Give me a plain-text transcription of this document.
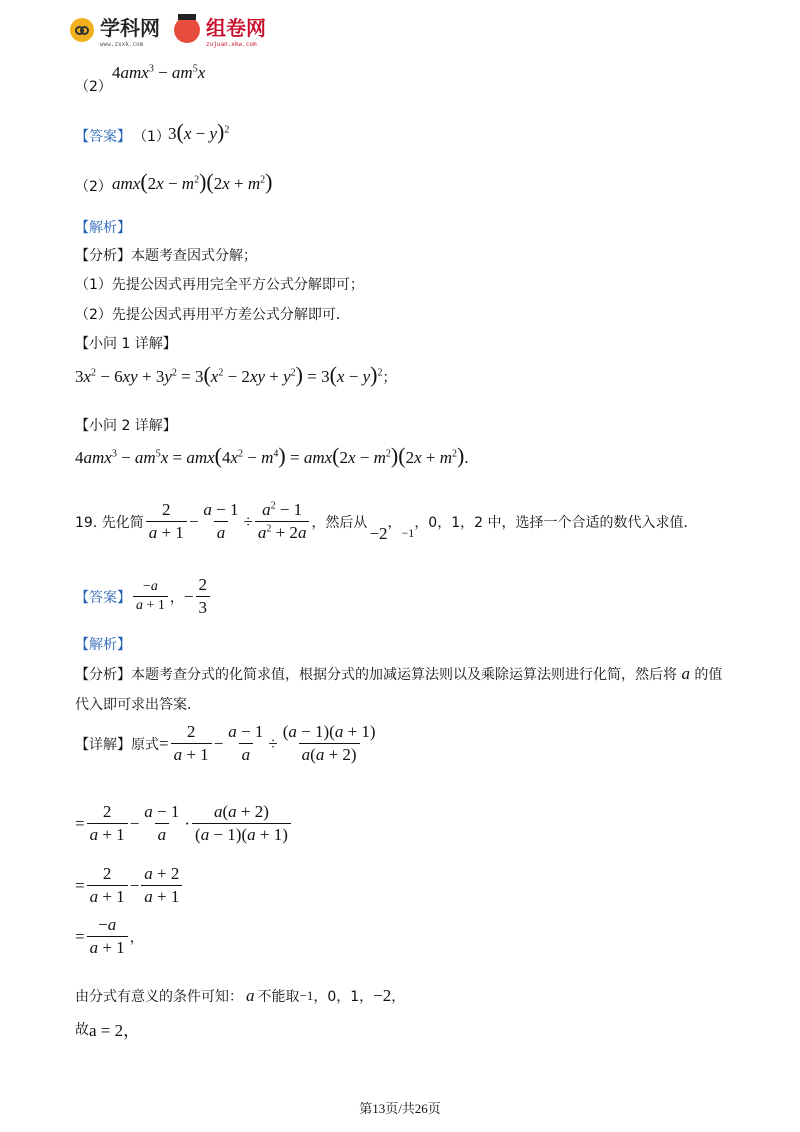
学科网
www.zxxk.com
组卷网
zujuan.xkw.com
（2）
$4amx^3 - am^5x$
【答案】 （1）
$3(x - y)^2$
（2） $amx(2x - m^2)(2x + m^2)$
【解析】
【分析】本题考查因式分解；
（1）先提公因式再用完全平方公式分解即可；
（2）先提公因式再用平方差公式分解即可．
【小问 1 详解】
$3x^2 - 6xy + 3y^2 = 3(x^2 - 2xy + y^2) = 3(x - y)^2$；
【小问 2 详解】
$4amx^3 - am^5x = amx(4x^2 - m^4) = amx(2x - m^2)(2x + m^2)$.
19. 先化简 $\frac{2}{a + 1} - \frac{a - 1}{a} \div \frac{a^2 - 1}{a^2 + 2a}$ ，然后从
−2
，
−1
，0，1，2 中，选择一个合适的数代入求值．
【答案】 $\frac{-a}{a + 1}$ ， − $\frac{2}{3}$
【解析】
【分析】本题考查分式的化简求值，根据分式的加减运算法则以及乘除运算法则进行化简，然后将 a 的值
代入即可求出答案．
【详解】原式 = $\frac{2}{a + 1} - \frac{a - 1}{a} \div \frac{(a - 1)(a + 1)}{a(a + 2)}$
= $\frac{2}{a + 1} - \frac{a - 1}{a} \cdot \frac{a(a + 2)}{(a - 1)(a + 1)}$
= $\frac{2}{a + 1} - \frac{a + 2}{a + 1}$
= $\frac{-a}{a + 1}$ ，
由分式有意义的条件可知： a 不能取 −1 ，0，1， −2 ，
故 a = 2，
第13页/共26页
